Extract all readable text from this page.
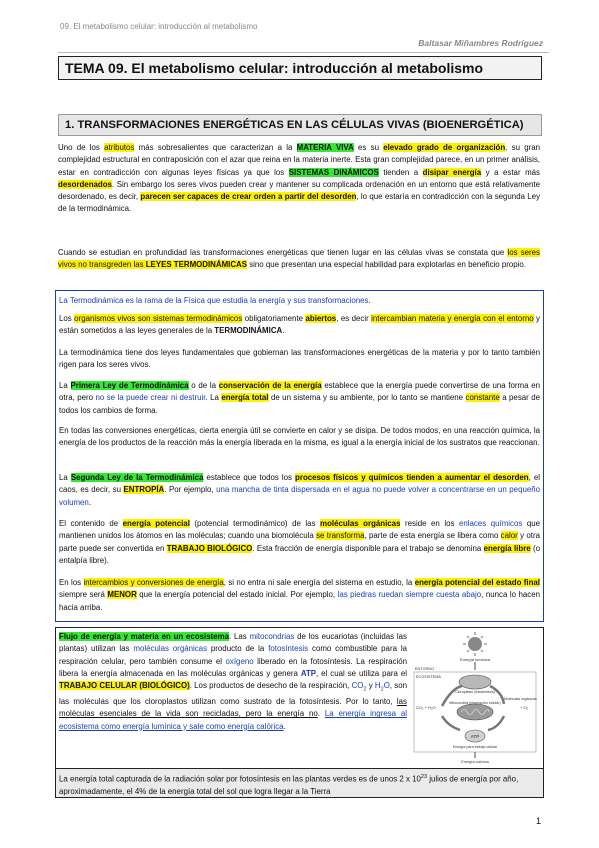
09. El metabolismo celular: introducción al metabolismo
Baltasar Miñambres Rodríguez
TEMA 09. El metabolismo celular: introducción al metabolismo
1. TRANSFORMACIONES ENERGÉTICAS EN LAS CÉLULAS VIVAS (BIOENERGÉTICA)
Uno de los atributos más sobresalientes que caracterizan a la MATERIA VIVA es su elevado grado de organización, su gran complejidad estructural en contraposición con el azar que reina en la materia inerte. Esta gran complejidad parece, en un primer análisis, estar en contradicción con algunas leyes físicas ya que los SISTEMAS DINÁMICOS tienden a disipar energía y a estar más desordenados. Sin embargo los seres vivos pueden crear y mantener su complicada ordenación en un entorno que está relativamente desordenado, es decir, parecen ser capaces de crear orden a partir del desorden, lo que estaría en contradicción con la segunda Ley de la termodinámica.
Cuando se estudian en profundidad las transformaciones energéticas que tienen lugar en las células vivas se constata que los seres vivos no transgreden las LEYES TERMODINÁMICAS sino que presentan una especial habilidad para explotarlas en beneficio propio.
La Termodinámica es la rama de la Física que estudia la energía y sus transformaciones.
Los organismos vivos son sistemas termodinámicos obligatoriamente abiertos, es decir intercambian materia y energía con el entorno y están sometidos a las leyes generales de la TERMODINÁMICA.
La termodinámica tiene dos leyes fundamentales que gobiernan las transformaciones energéticas de la materia y por lo tanto también rigen para los seres vivos.
La Primera Ley de Termodinámica o de la conservación de la energía establece que la energía puede convertirse de una forma en otra, pero no se la puede crear ni destruir. La energía total de un sistema y su ambiente, por lo tanto se mantiene constante a pesar de todos los cambios de forma.
En todas las conversiones energéticas, cierta energía útil se convierte en calor y se disipa. De todos modos, en una reacción química, la energía de los productos de la reacción más la energía liberada en la misma, es igual a la energía inicial de los sustratos que reaccionan.
La Segunda Ley de la Termodinámica establece que todos los procesos físicos y químicos tienden a aumentar el desorden, el caos, es decir, su ENTROPÍA. Por ejemplo, una mancha de tinta dispersada en el agua no puede volver a concentrarse en un pequeño volumen.
El contenido de energía potencial (potencial termodinámico) de las moléculas orgánicas reside en los enlaces químicos que mantienen unidos los átomos en las moléculas; cuando una biomolécula se transforma, parte de esta energía se libera como calor y otra parte puede ser convertida en TRABAJO BIOLÓGICO. Esta fracción de energía disponible para el trabajo se denomina energía libre (o entalpía libre).
En los intercambios y conversiones de energía, si no entra ni sale energía del sistema en estudio, la energía potencial del estado final siempre será MENOR que la energía potencial del estado inicial. Por ejemplo, las piedras ruedan siempre cuesta abajo, nunca lo hacen hacia arriba.
Flujo de energía y materia en un ecosistema. Las mitocondrias de los eucariotas (incluidas las plantas) utilizan las moléculas orgánicas producto de la fotosíntesis como combustible para la respiración celular, pero también consume el oxígeno liberado en la fotosíntesis. La respiración libera la energía almacenada en las moléculas orgánicas y genera ATP, el cual se utiliza para el TRABAJO CELULAR (BIOLÓGICO). Los productos de desecho de la respiración, $CO_2$ y $H_2O$, son las moléculas que los cloroplastos utilizan como sustrato de la fotosíntesis. Por lo tanto, las moléculas esenciales de la vida son recicladas, pero la energía no. La energía ingresa al ecosistema como energía lumínica y sale como energía calórica.
Energía lumínica
ENTORNO
ECOSISTEMA
Cloroplasto (fotosíntesis)
CO₂ + H₂O	+ O₂
Moléculas orgánicas
Mitocondria (respiración celular)
ATP
Energía para trabajo celular
Energía calórica
La energía total capturada de la radiación solar por fotosíntesis en las plantas verdes es de unos 2 x $10^{23}$ julios de energía por año, aproximadamente, el 4% de la energía total del sol que logra llegar a la Tierra
1
